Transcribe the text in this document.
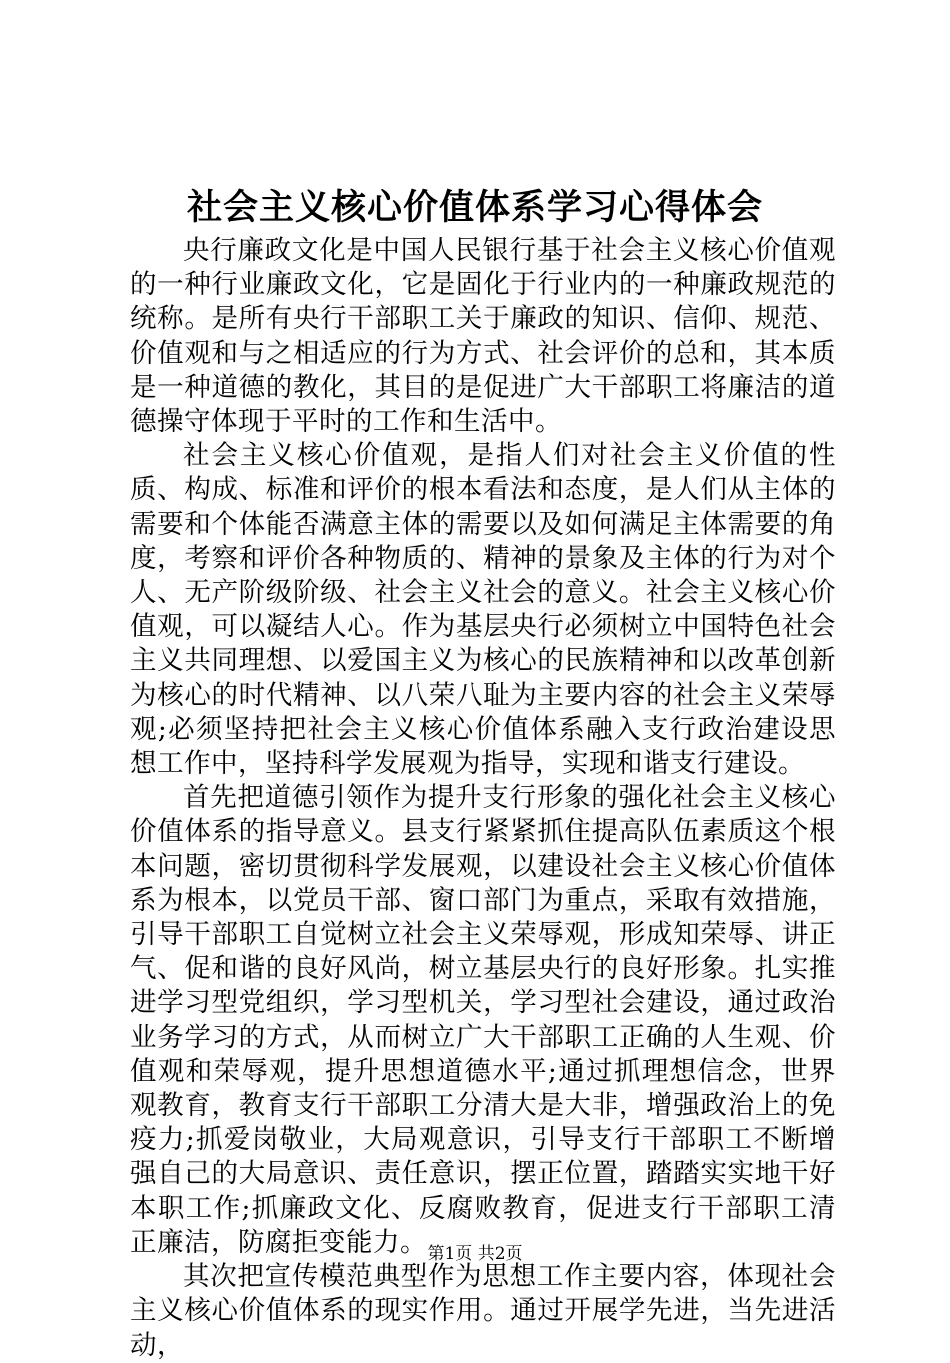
社会主义核心价值体系学习心得体会

央行廉政文化是中国人民银行基于社会主义核心价值观的一种行业廉政文化，它是固化于行业内的一种廉政规范的统称。是所有央行干部职工关于廉政的知识、信仰、规范、价值观和与之相适应的行为方式、社会评价的总和，其本质是一种道德的教化，其目的是促进广大干部职工将廉洁的道德操守体现于平时的工作和生活中。

社会主义核心价值观，是指人们对社会主义价值的性质、构成、标准和评价的根本看法和态度，是人们从主体的需要和个体能否满意主体的需要以及如何满足主体需要的角度，考察和评价各种物质的、精神的景象及主体的行为对个人、无产阶级阶级、社会主义社会的意义。社会主义核心价值观，可以凝结人心。作为基层央行必须树立中国特色社会主义共同理想、以爱国主义为核心的民族精神和以改革创新为核心的时代精神、以八荣八耻为主要内容的社会主义荣辱观;必须坚持把社会主义核心价值体系融入支行政治建设思想工作中，坚持科学发展观为指导，实现和谐支行建设。

首先把道德引领作为提升支行形象的强化社会主义核心价值体系的指导意义。县支行紧紧抓住提高队伍素质这个根本问题，密切贯彻科学发展观，以建设社会主义核心价值体系为根本，以党员干部、窗口部门为重点，采取有效措施，引导干部职工自觉树立社会主义荣辱观，形成知荣辱、讲正气、促和谐的良好风尚，树立基层央行的良好形象。扎实推进学习型党组织，学习型机关，学习型社会建设，通过政治业务学习的方式，从而树立广大干部职工正确的人生观、价值观和荣辱观，提升思想道德水平;通过抓理想信念，世界观教育，教育支行干部职工分清大是大非，增强政治上的免疫力;抓爱岗敬业，大局观意识，引导支行干部职工不断增强自己的大局意识、责任意识，摆正位置，踏踏实实地干好本职工作;抓廉政文化、反腐败教育，促进支行干部职工清正廉洁，防腐拒变能力。

其次把宣传模范典型作为思想工作主要内容，体现社会主义核心价值体系的现实作用。通过开展学先进，当先进活动，

第1页 共2页
